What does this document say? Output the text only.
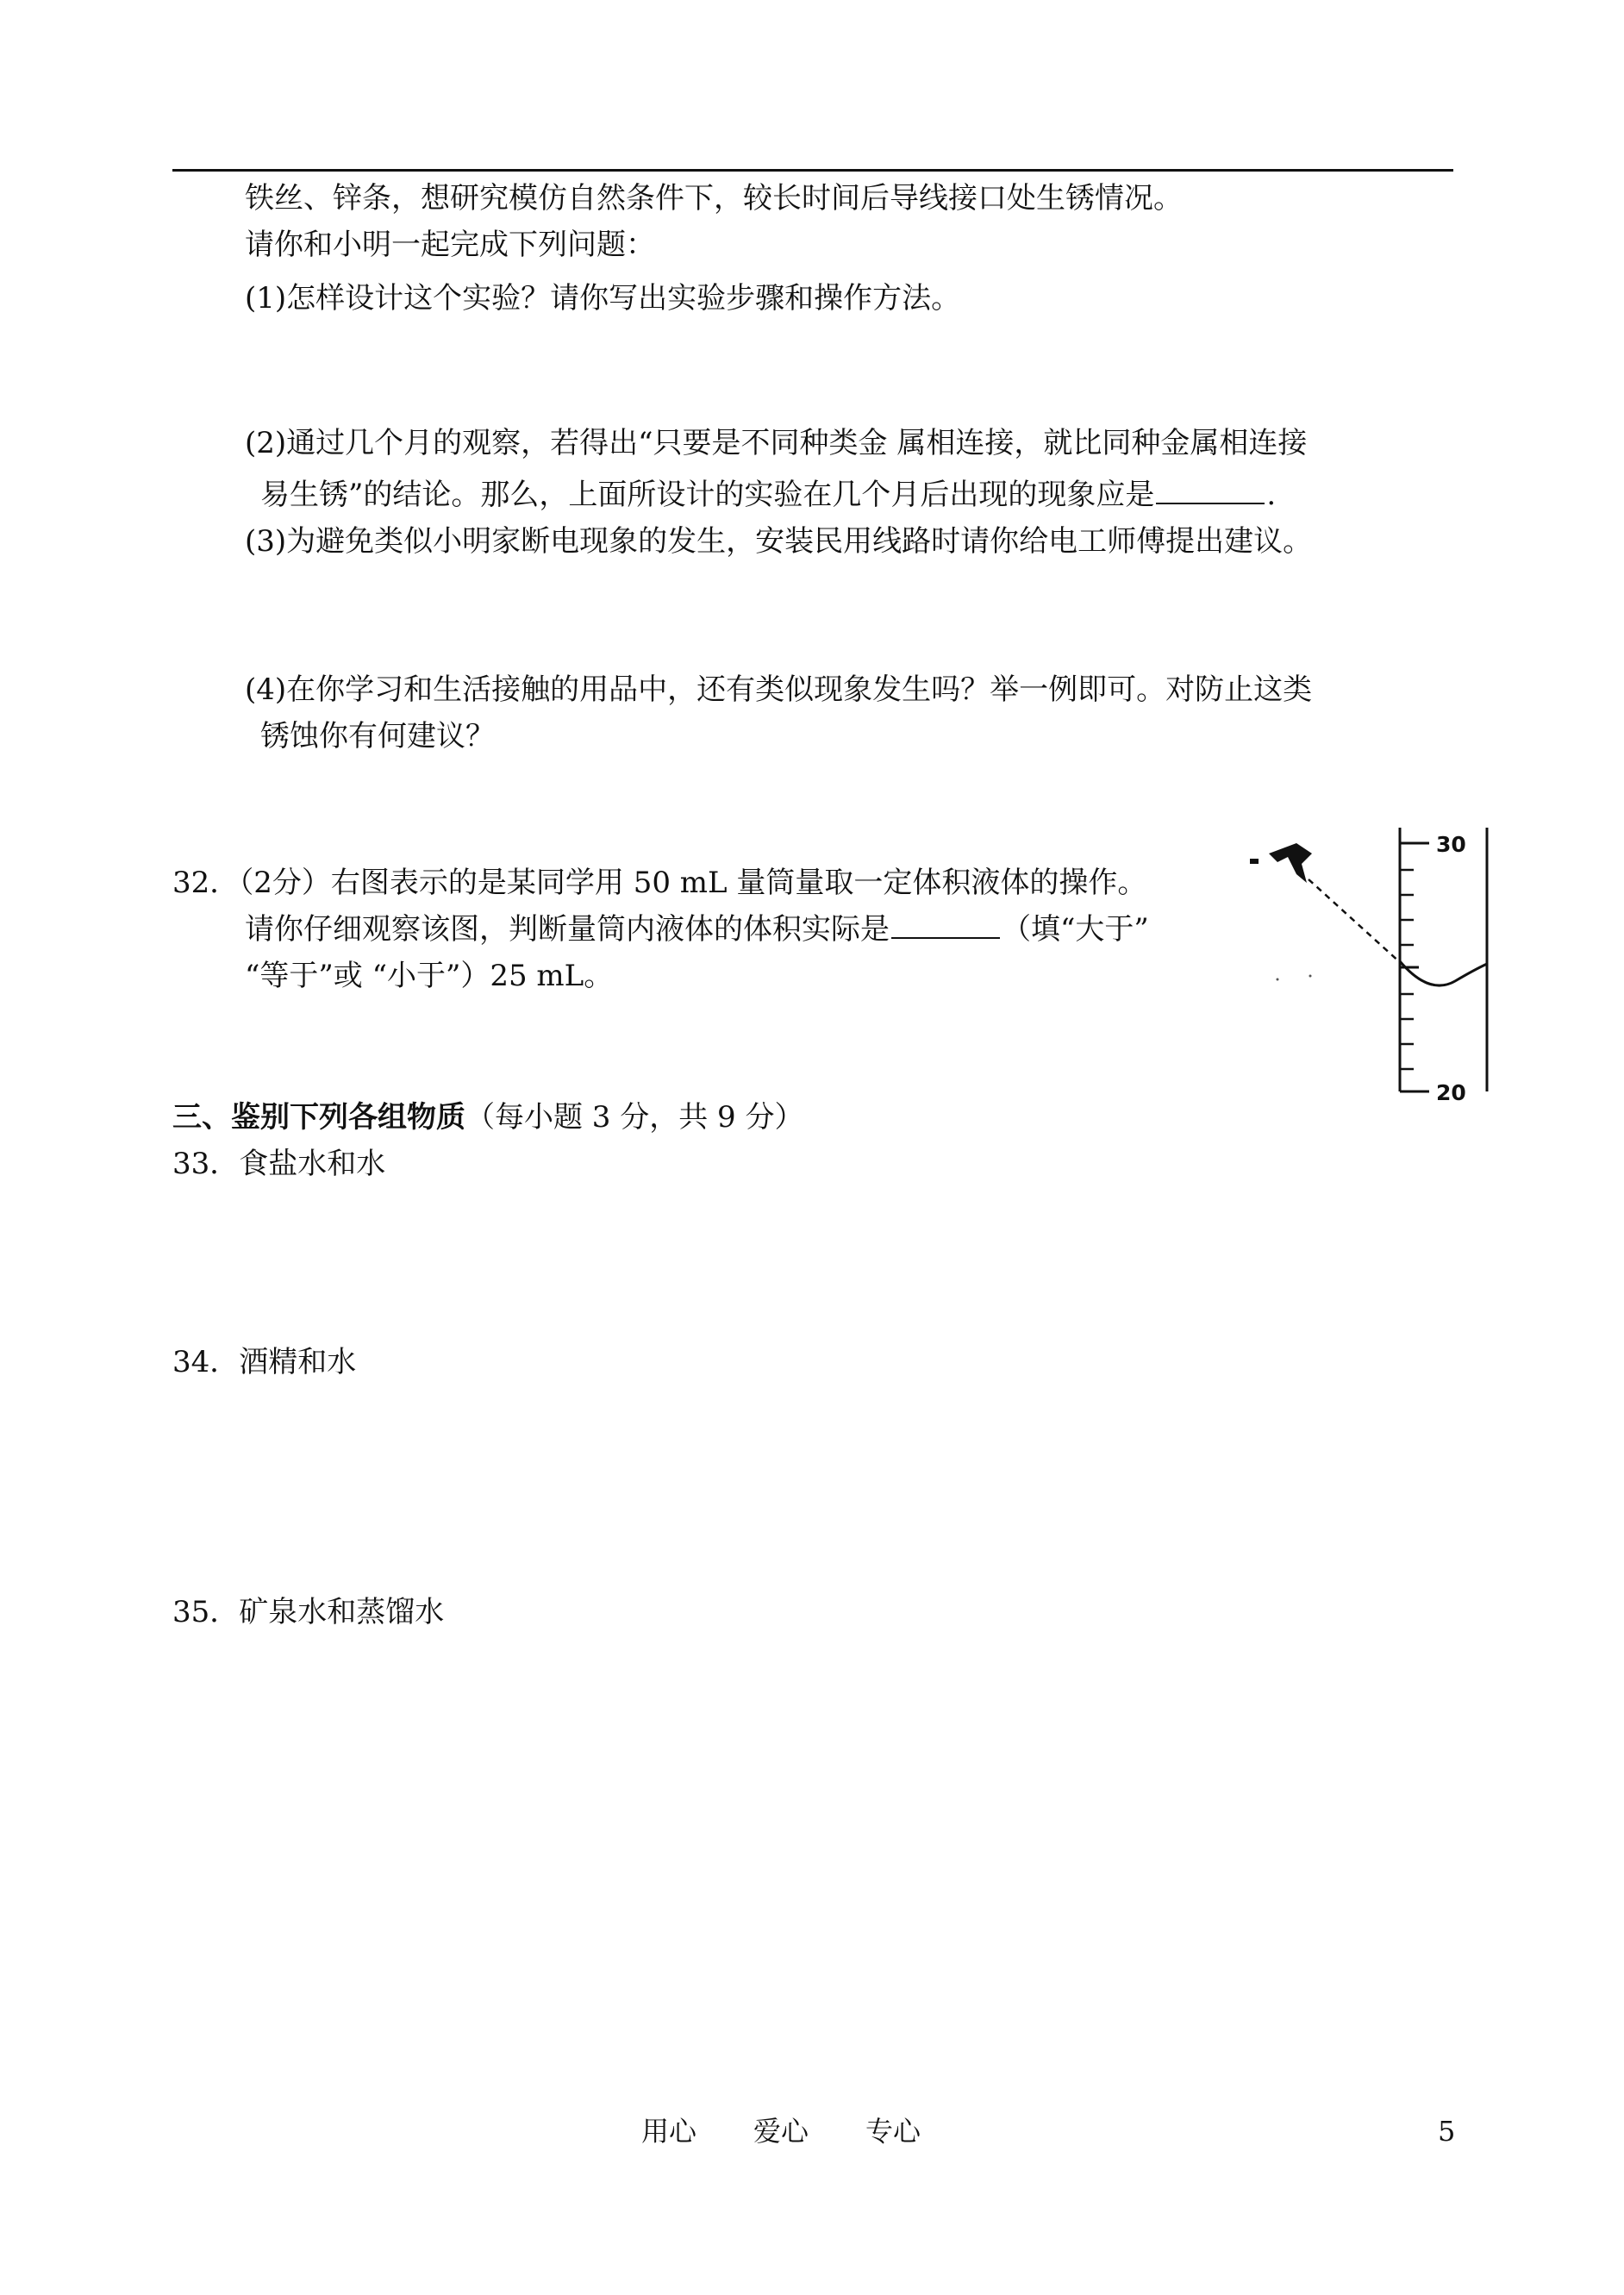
铁丝、锌条，想研究模仿自然条件下，较长时间后导线接口处生锈情况。
请你和小明一起完成下列问题：
(1)怎样设计这个实验？请你写出实验步骤和操作方法。
(2)通过几个月的观察，若得出“只要是不同种类金 属相连接，就比同种金属相连接
易生锈”的结论。那么，上面所设计的实验在几个月后出现的现象应是	.
(3)为避免类似小明家断电现象的发生，安装民用线路时请你给电工师傅提出建议。
(4)在你学习和生活接触的用品中，还有类似现象发生吗？举一例即可。对防止这类
锈蚀你有何建议？
32．（2分）右图表示的是某同学用 50 mL 量筒量取一定体积液体的操作。
请你仔细观察该图，判断量筒内液体的体积实际是	（填“大于”
“等于”或 “小于”）25 mL。
30
20
三、鉴别下列各组物质（每小题 3 分，共 9 分）
33．食盐水和水
34．酒精和水
35．矿泉水和蒸馏水
用心 爱心 专心	5
